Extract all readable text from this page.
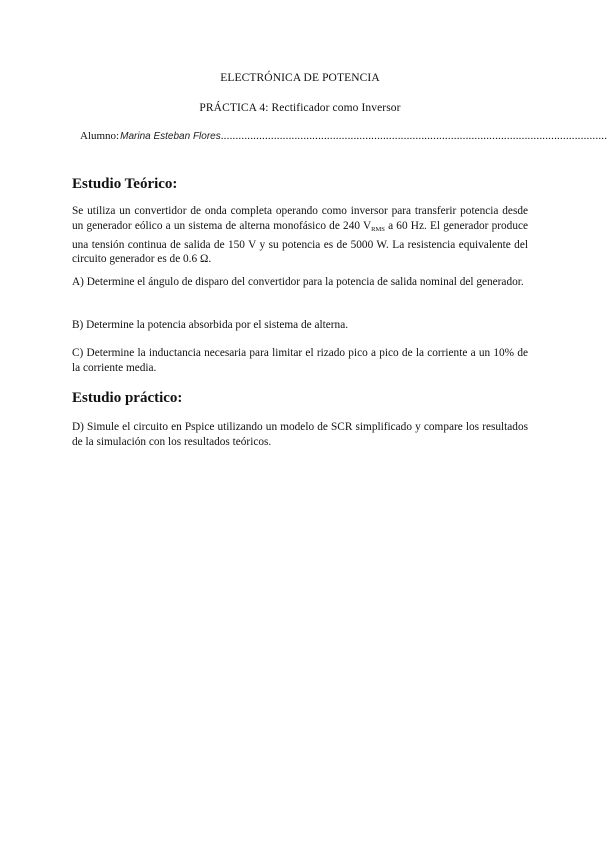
ELECTRÓNICA DE POTENCIA
PRÁCTICA 4: Rectificador como Inversor
Alumno: Marina Esteban Flores ...................................................................................................................................
Estudio Teórico:

Se utiliza un convertidor de onda completa operando como inversor para transferir potencia desde un generador eólico a un sistema de alterna monofásico de 240 $V_{RMS}$ a 60 Hz. El generador produce una tensión continua de salida de 150 V y su potencia es de 5000 W. La resistencia equivalente del circuito generador es de 0.6 Ω.

A) Determine el ángulo de disparo del convertidor para la potencia de salida nominal del generador.

B) Determine la potencia absorbida por el sistema de alterna.

C) Determine la inductancia necesaria para limitar el rizado pico a pico de la corriente a un 10% de la corriente media.

Estudio práctico:

D) Simule el circuito en Pspice utilizando un modelo de SCR simplificado y compare los resultados de la simulación con los resultados teóricos.
